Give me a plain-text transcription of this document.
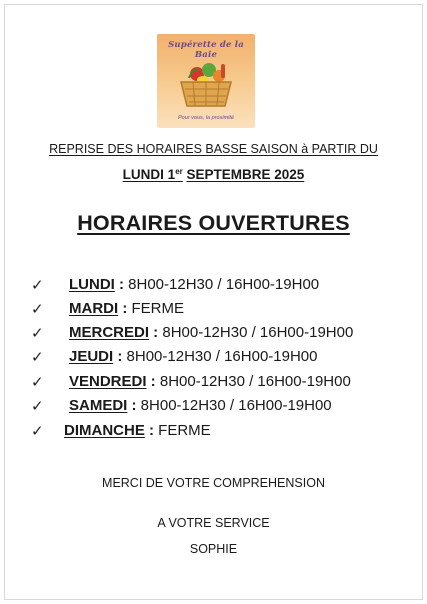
Supérette de la Baie
Pour vous, la proximité
REPRISE DES HORAIRES BASSE SAISON à PARTIR DU
LUNDI 1er SEPTEMBRE 2025
HORAIRES OUVERTURES
✓ LUNDI : 8H00-12H30 / 16H00-19H00
✓ MARDI : FERME
✓ MERCREDI : 8H00-12H30 / 16H00-19H00
✓ JEUDI : 8H00-12H30 / 16H00-19H00
✓ VENDREDI : 8H00-12H30 / 16H00-19H00
✓ SAMEDI : 8H00-12H30 / 16H00-19H00
✓ DIMANCHE : FERME
MERCI DE VOTRE COMPREHENSION
A VOTRE SERVICE
SOPHIE
